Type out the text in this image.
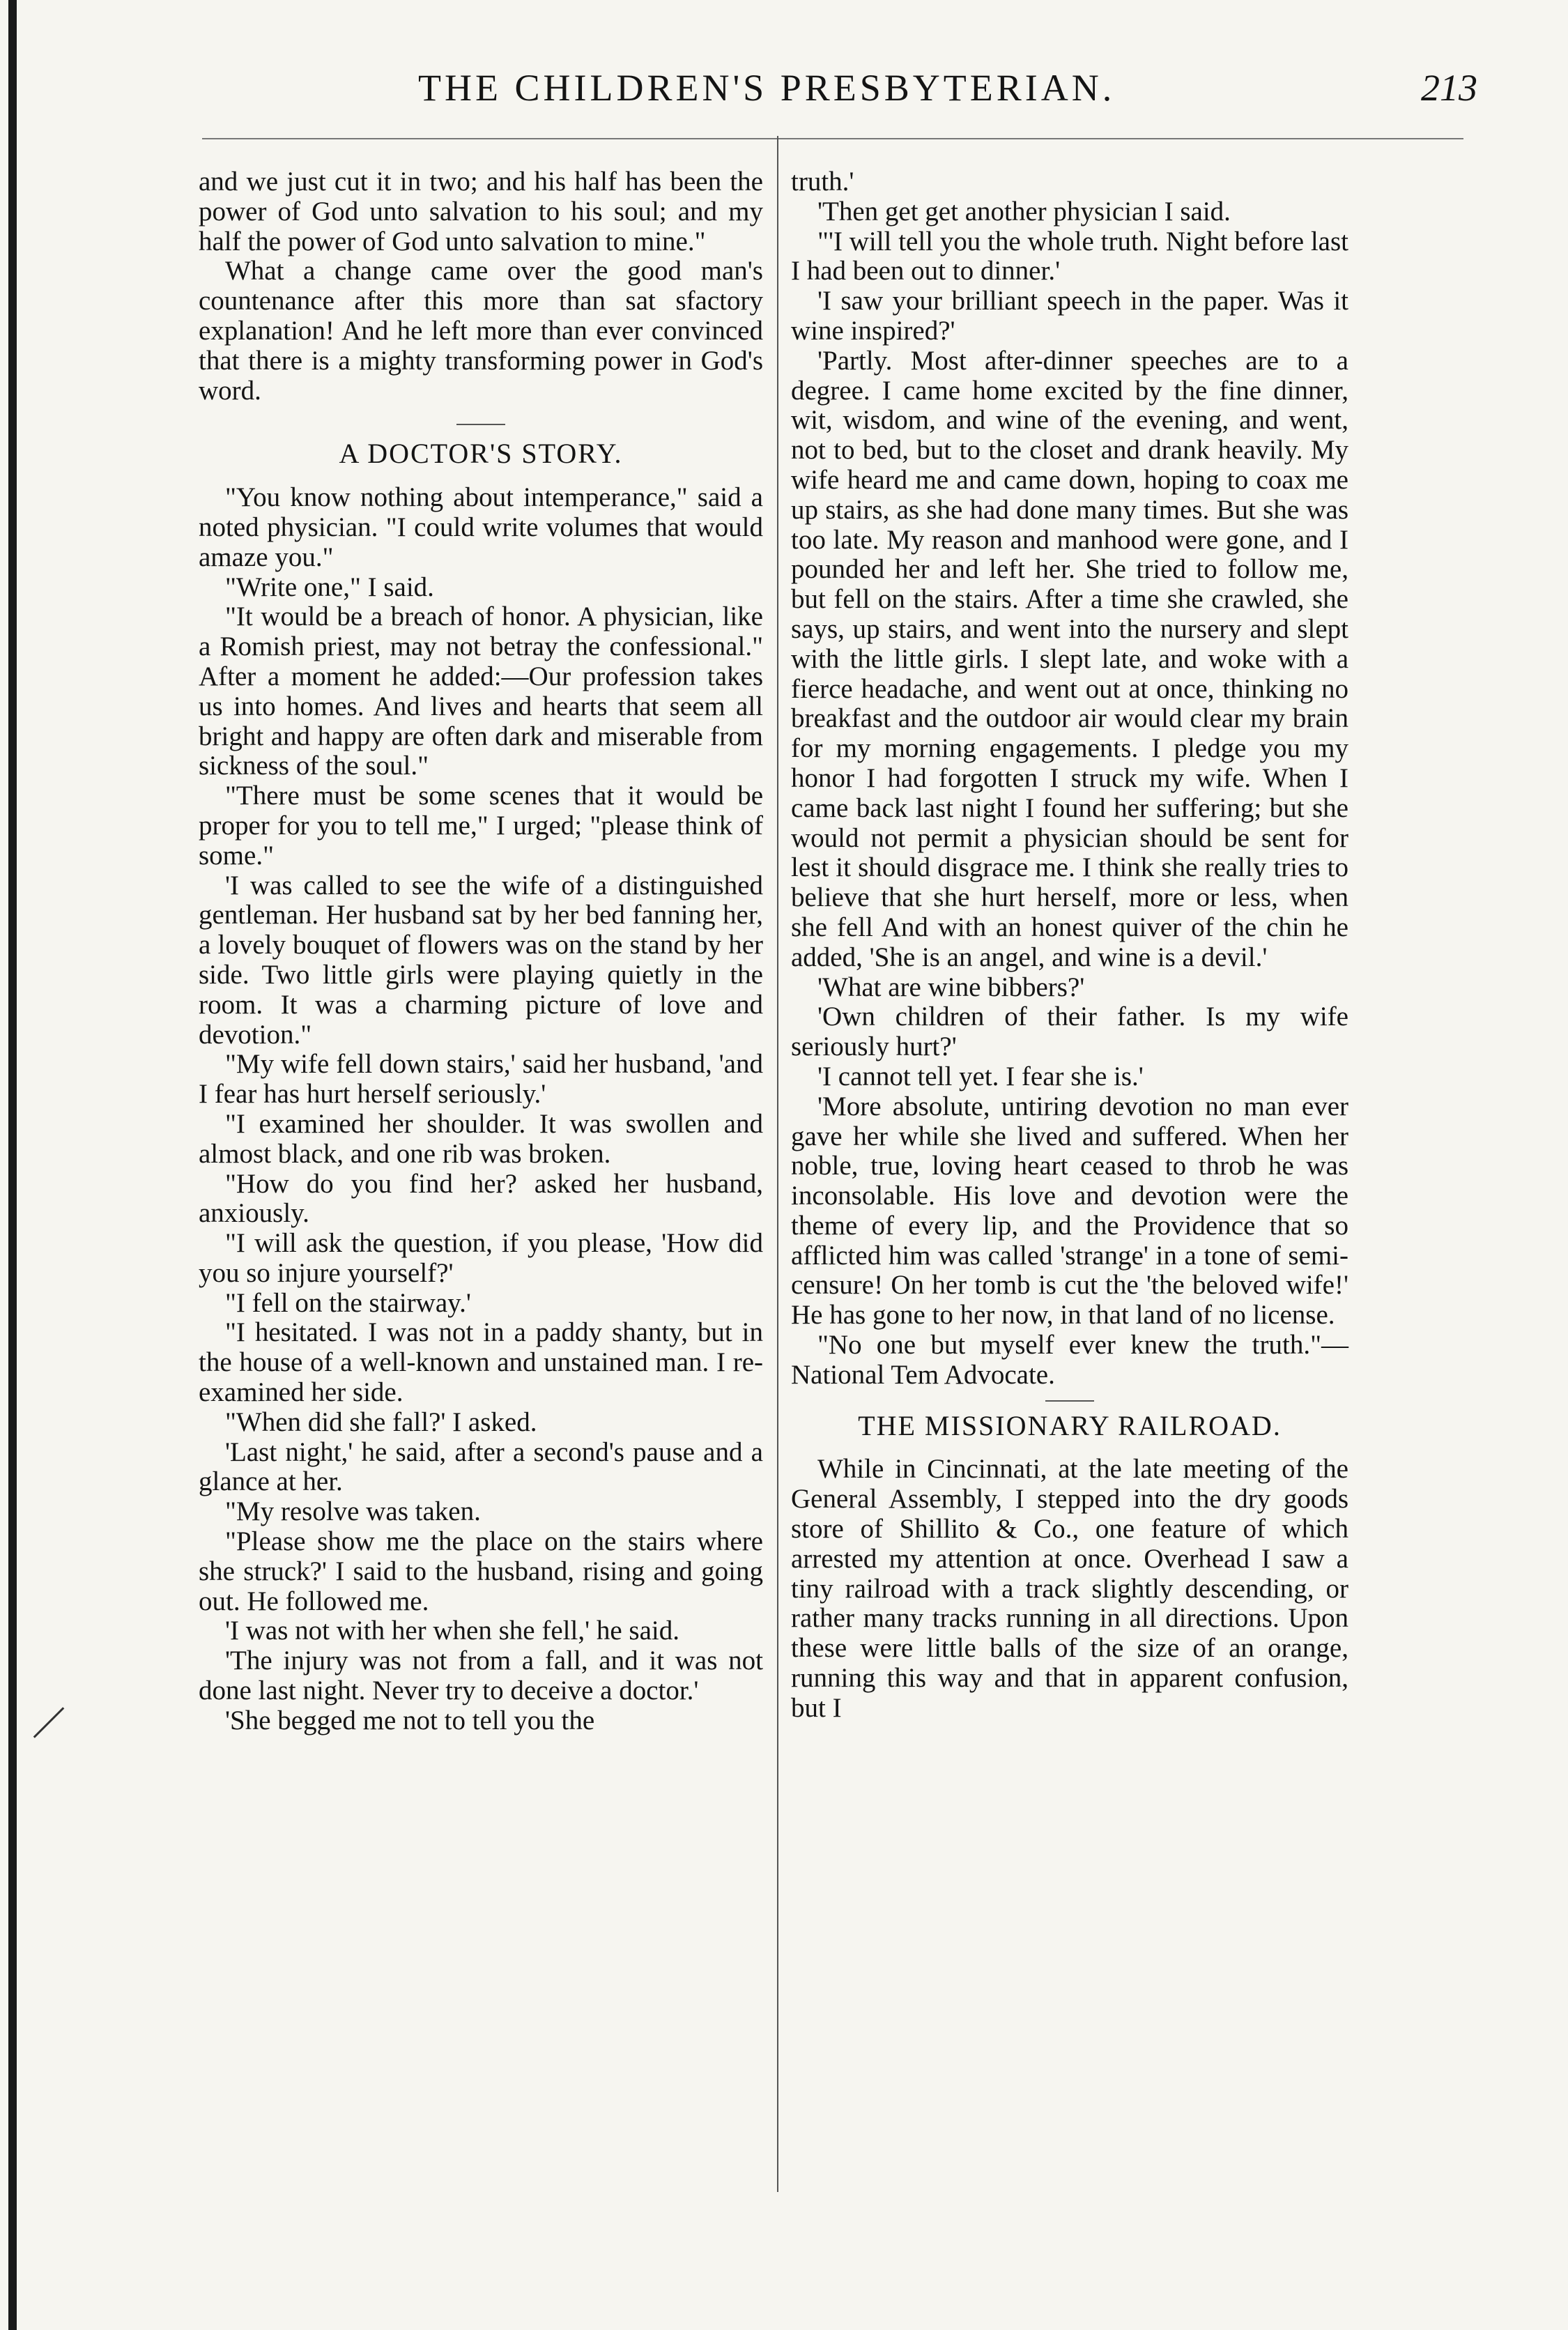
THE CHILDREN'S PRESBYTERIAN.	213

and we just cut it in two; and his half has been the power of God unto salvation to his soul; and my half the power of God unto salvation to mine."

What a change came over the good man's countenance after this more than sat sfactory explanation! And he left more than ever convinced that there is a mighty transforming power in God's word.

A DOCTOR'S STORY.

"You know nothing about intemperance," said a noted physician. "I could write volumes that would amaze you."

"Write one," I said.

"It would be a breach of honor. A physician, like a Romish priest, may not betray the confessional." After a moment he added:—Our profession takes us into homes. And lives and hearts that seem all bright and happy are often dark and miserable from sickness of the soul."

"There must be some scenes that it would be proper for you to tell me," I urged; "please think of some."

'I was called to see the wife of a distinguished gentleman. Her husband sat by her bed fanning her, a lovely bouquet of flowers was on the stand by her side. Two little girls were playing quietly in the room. It was a charming picture of love and devotion."

"My wife fell down stairs,' said her husband, 'and I fear has hurt herself seriously.'

"I examined her shoulder. It was swollen and almost black, and one rib was broken.

"How do you find her? asked her husband, anxiously.

"I will ask the question, if you please, 'How did you so injure yourself?'

"I fell on the stairway.'

"I hesitated. I was not in a paddy shanty, but in the house of a well-known and unstained man. I re-examined her side.

"When did she fall?' I asked.

'Last night,' he said, after a second's pause and a glance at her.

"My resolve was taken.

"Please show me the place on the stairs where she struck?' I said to the husband, rising and going out. He followed me.

'I was not with her when she fell,' he said.

'The injury was not from a fall, and it was not done last night. Never try to deceive a doctor.'

'She begged me not to tell you the

truth.'

'Then get get another physician I said.

"'I will tell you the whole truth. Night before last I had been out to dinner.'

'I saw your brilliant speech in the paper. Was it wine inspired?'

'Partly. Most after-dinner speeches are to a degree. I came home excited by the fine dinner, wit, wisdom, and wine of the evening, and went, not to bed, but to the closet and drank heavily. My wife heard me and came down, hoping to coax me up stairs, as she had done many times. But she was too late. My reason and manhood were gone, and I pounded her and left her. She tried to follow me, but fell on the stairs. After a time she crawled, she says, up stairs, and went into the nursery and slept with the little girls. I slept late, and woke with a fierce headache, and went out at once, thinking no breakfast and the outdoor air would clear my brain for my morning engagements. I pledge you my honor I had forgotten I struck my wife. When I came back last night I found her suffering; but she would not permit a physician should be sent for lest it should disgrace me. I think she really tries to believe that she hurt herself, more or less, when she fell And with an honest quiver of the chin he added, 'She is an angel, and wine is a devil.'

'What are wine bibbers?'

'Own children of their father. Is my wife seriously hurt?'

'I cannot tell yet. I fear she is.'

'More absolute, untiring devotion no man ever gave her while she lived and suffered. When her noble, true, loving heart ceased to throb he was inconsolable. His love and devotion were the theme of every lip, and the Providence that so afflicted him was called 'strange' in a tone of semi-censure! On her tomb is cut the 'the beloved wife!' He has gone to her now, in that land of no license.

"No one but myself ever knew the truth."—National Tem Advocate.

THE MISSIONARY RAILROAD.

While in Cincinnati, at the late meeting of the General Assembly, I stepped into the dry goods store of Shillito & Co., one feature of which arrested my attention at once. Overhead I saw a tiny railroad with a track slightly descending, or rather many tracks running in all directions. Upon these were little balls of the size of an orange, running this way and that in apparent confusion, but I
